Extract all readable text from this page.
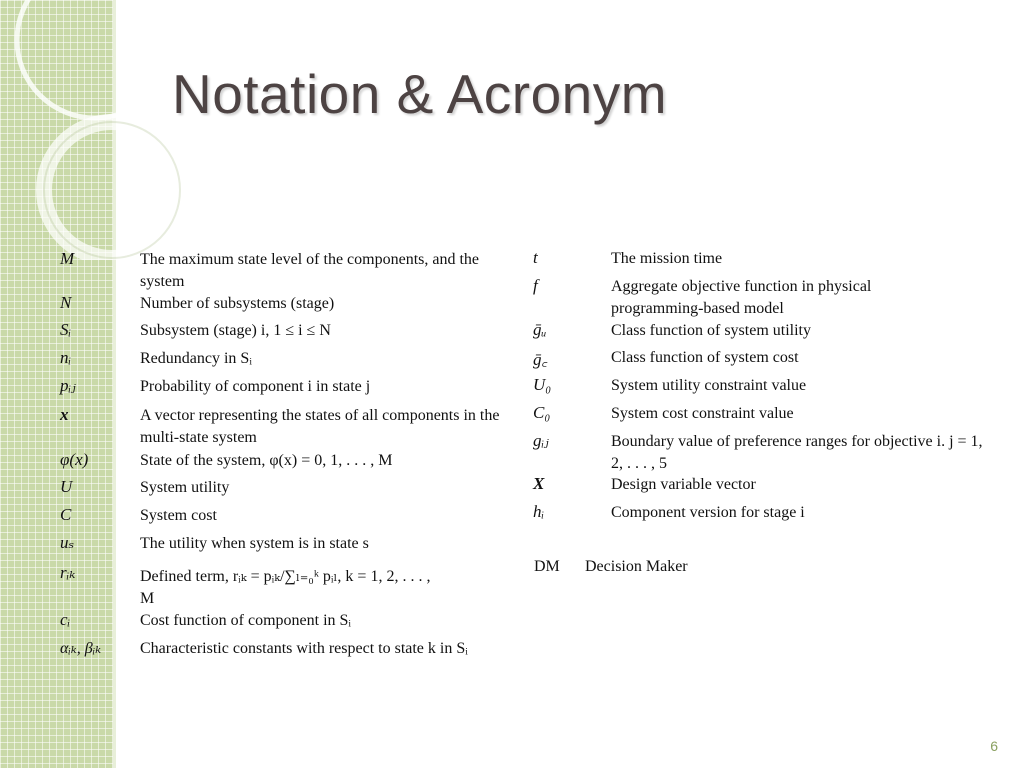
Notation & Acronym
M	The maximum state level of the components, and the system
N	Number of subsystems (stage)
Sᵢ	Subsystem (stage) i, 1 ≤ i ≤ N
nᵢ	Redundancy in Sᵢ
pᵢⱼ	Probability of component i in state j
x	A vector representing the states of all components in the multi-state system
φ(x)	State of the system, φ(x) = 0, 1, . . . , M
U	System utility
C	System cost
uₛ	The utility when system is in state s
rᵢₖ	Defined term, rᵢₖ = pᵢₖ/∑ₗ₌₀ᵏ pᵢₗ, k = 1, 2, . . . , M
cᵢ	Cost function of component in Sᵢ
αᵢₖ, βᵢₖ Characteristic constants with respect to state k in Sᵢ
t	The mission time
f	Aggregate objective function in physical programming-based model
ḡᵤ	Class function of system utility
ḡ꜀	Class function of system cost
U₀	System utility constraint value
C₀	System cost constraint value
gᵢⱼ	Boundary value of preference ranges for objective i. j = 1, 2, . . . , 5
X	Design variable vector
hᵢ	Component version for stage i
DM Decision Maker
6
